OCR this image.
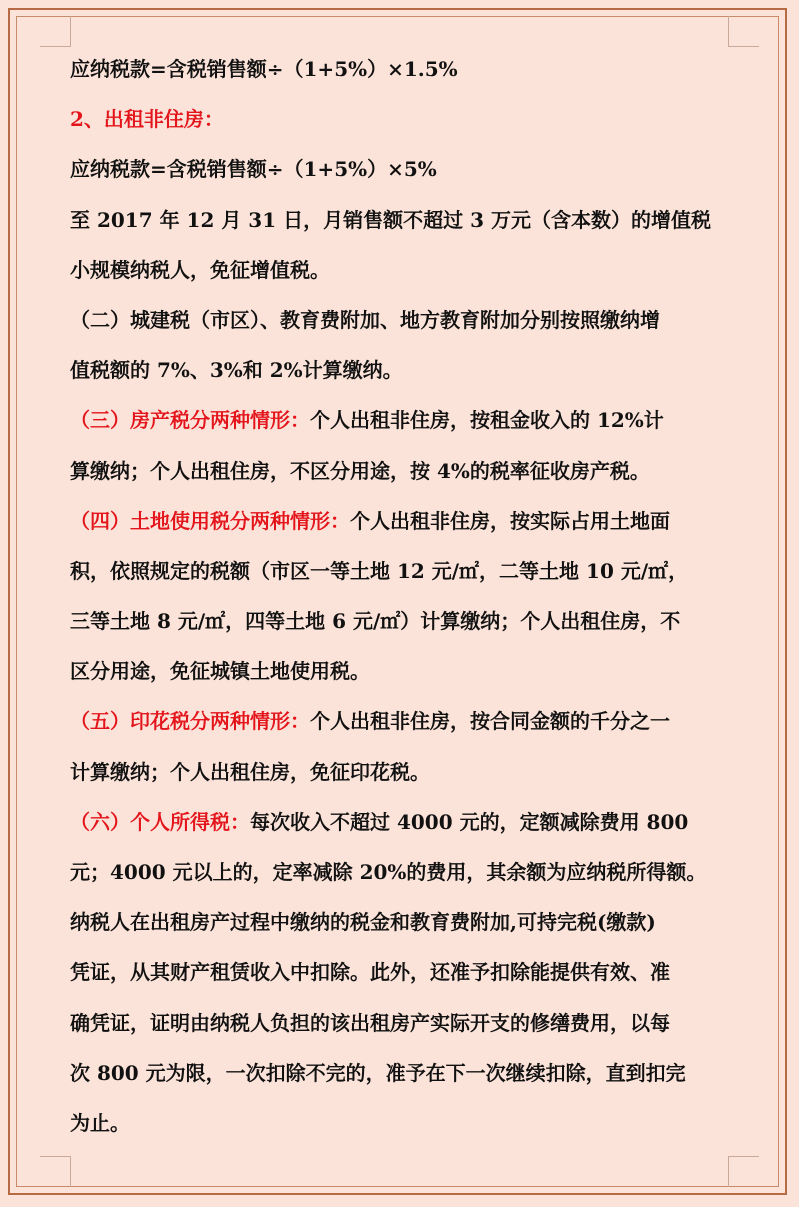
应纳税款=含税销售额÷（1+5%）×1.5%
2、出租非住房：
应纳税款=含税销售额÷（1+5%）×5%
至 2017 年 12 月 31 日，月销售额不超过 3 万元（含本数）的增值税
小规模纳税人，免征增值税。
（二）城建税（市区）、教育费附加、地方教育附加分别按照缴纳增
值税额的 7%、3%和 2%计算缴纳。
（三）房产税分两种情形：个人出租非住房，按租金收入的 12%计
算缴纳；个人出租住房，不区分用途，按 4%的税率征收房产税。
（四）土地使用税分两种情形：个人出租非住房，按实际占用土地面
积，依照规定的税额（市区一等土地 12 元/㎡，二等土地 10 元/㎡，
三等土地 8 元/㎡，四等土地 6 元/㎡）计算缴纳；个人出租住房，不
区分用途，免征城镇土地使用税。
（五）印花税分两种情形：个人出租非住房，按合同金额的千分之一
计算缴纳；个人出租住房，免征印花税。
（六）个人所得税：每次收入不超过 4000 元的，定额减除费用 800
元；4000 元以上的，定率减除 20%的费用，其余额为应纳税所得额。
纳税人在出租房产过程中缴纳的税金和教育费附加,可持完税(缴款)
凭证，从其财产租赁收入中扣除。此外，还准予扣除能提供有效、准
确凭证，证明由纳税人负担的该出租房产实际开支的修缮费用，以每
次 800 元为限，一次扣除不完的，准予在下一次继续扣除，直到扣完
为止。
